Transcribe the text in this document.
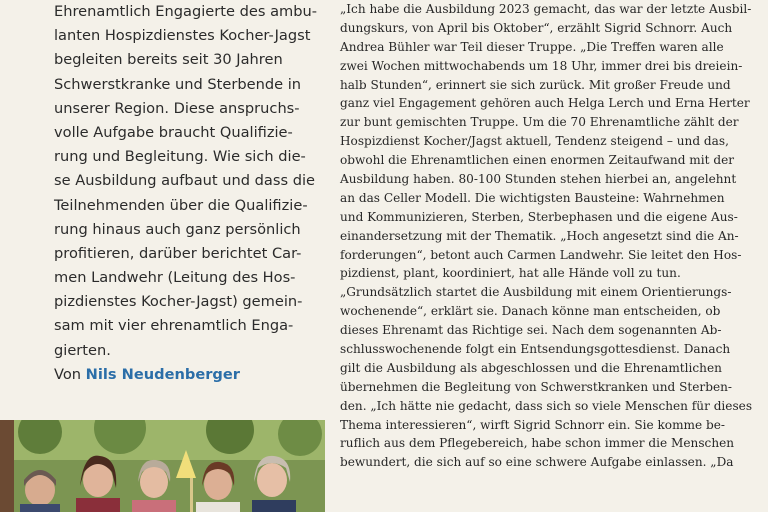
Ehrenamtlich Engagierte des ambu-
lanten Hospizdienstes Kocher-Jagst
begleiten bereits seit 30 Jahren
Schwerstkranke und Sterbende in
unserer Region. Diese anspruchs-
volle Aufgabe braucht Qualifizie-
rung und Begleitung. Wie sich die-
se Ausbildung aufbaut und dass die
Teilnehmenden über die Qualifizie-
rung hinaus auch ganz persönlich
profitieren, darüber berichtet Car-
men Landwehr (Leitung des Hos-
pizdienstes Kocher-Jagst) gemein-
sam mit vier ehrenamtlich Enga-
gierten.
Von Nils Neudenberger
„Ich habe die Ausbildung 2023 gemacht, das war der letzte Ausbil-
dungskurs, von April bis Oktober“, erzählt Sigrid Schnorr. Auch
Andrea Bühler war Teil dieser Truppe. „Die Treffen waren alle
zwei Wochen mittwochabends um 18 Uhr, immer drei bis dreiein-
halb Stunden“, erinnert sie sich zurück. Mit großer Freude und
ganz viel Engagement gehören auch Helga Lerch und Erna Herter
zur bunt gemischten Truppe. Um die 70 Ehrenamtliche zählt der
Hospizdienst Kocher/Jagst aktuell, Tendenz steigend – und das,
obwohl die Ehrenamtlichen einen enormen Zeitaufwand mit der
Ausbildung haben. 80-100 Stunden stehen hierbei an, angelehnt
an das Celler Modell. Die wichtigsten Bausteine: Wahrnehmen
und Kommunizieren, Sterben, Sterbephasen und die eigene Aus-
einandersetzung mit der Thematik. „Hoch angesetzt sind die An-
forderungen“, betont auch Carmen Landwehr. Sie leitet den Hos-
pizdienst, plant, koordiniert, hat alle Hände voll zu tun.
„Grundsätzlich startet die Ausbildung mit einem Orientierungs-
wochenende“, erklärt sie. Danach könne man entscheiden, ob
dieses Ehrenamt das Richtige sei. Nach dem sogenannten Ab-
schlusswochenende folgt ein Entsendungsgottesdienst. Danach
gilt die Ausbildung als abgeschlossen und die Ehrenamtlichen
übernehmen die Begleitung von Schwerstkranken und Sterben-
den. „Ich hätte nie gedacht, dass sich so viele Menschen für dieses
Thema interessieren“, wirft Sigrid Schnorr ein. Sie komme be-
ruflich aus dem Pflegebereich, habe schon immer die Menschen
bewundert, die sich auf so eine schwere Aufgabe einlassen. „Da
